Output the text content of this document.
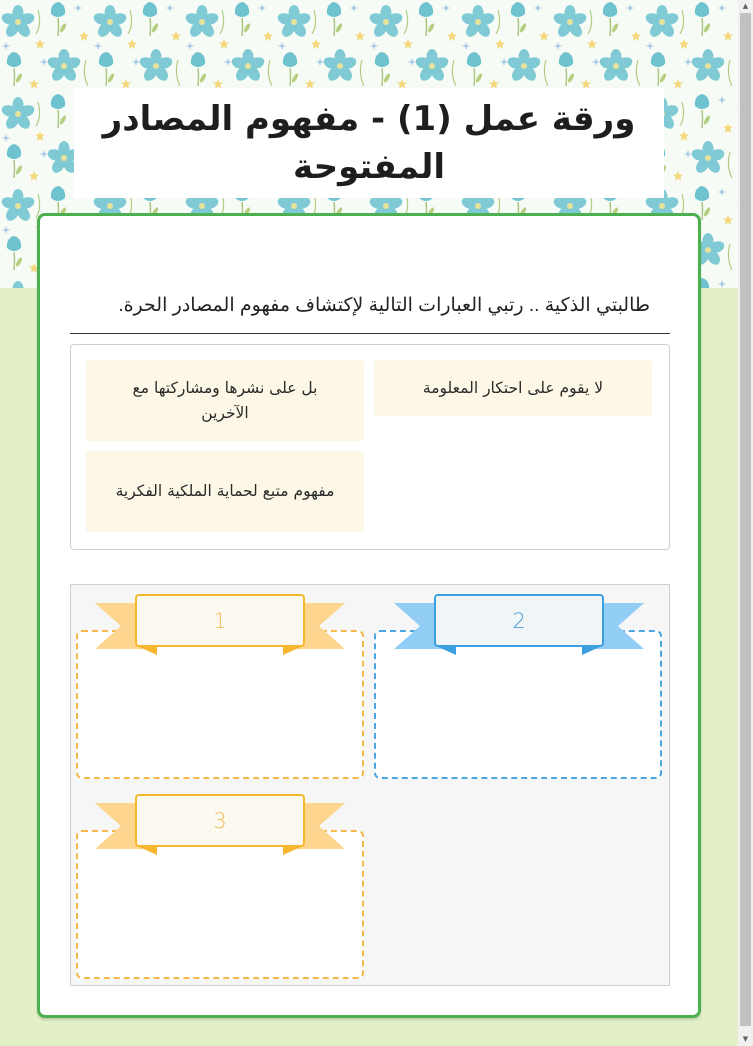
ورقة عمل (1) - مفهوم المصادر المفتوحة

طالبتي الذكية .. رتبي العبارات التالية لإكتشاف مفهوم المصادر الحرة.

لا يقوم على احتكار المعلومة
بل على نشرها ومشاركتها مع الآخرين
مفهوم متبع لحماية الملكية الفكرية
2
1
3
▲
▼
